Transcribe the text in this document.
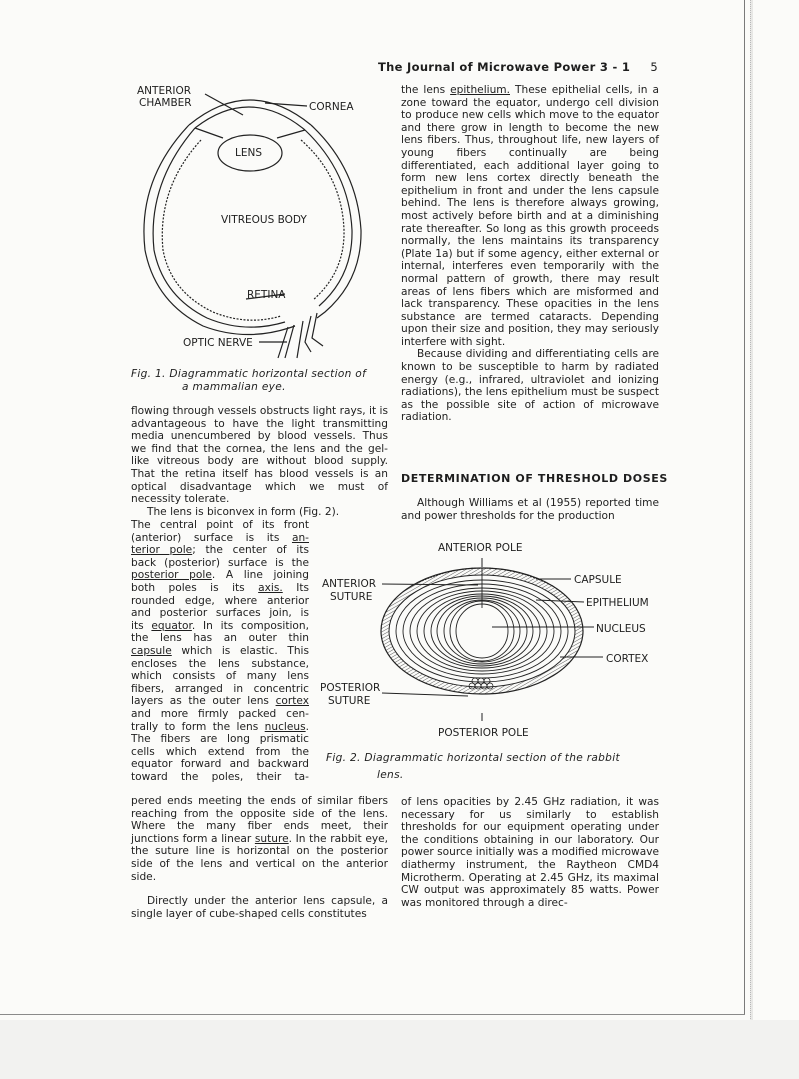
The Journal of Microwave Power 3 - 1 5
ANTERIOR
CHAMBER	CORNEA
LENS
VITREOUS BODY
RETINA
OPTIC NERVE
Fig. 1. Diagrammatic horizontal section of
a mammalian eye.

flowing through vessels obstructs light rays, it is advantageous to have the light transmitting media unencumbered by blood vessels. Thus we find that the cornea, the lens and the gel-like vitreous body are without blood supply. That the retina itself has blood vessels is an optical disadvantage which we must of necessity tolerate.

The lens is biconvex in form (Fig. 2).

The central point of its front
(anterior) surface is its an-
terior pole; the center of its
back (posterior) surface is the
posterior pole. A line joining
both poles is its axis. Its
rounded edge, where anterior
and posterior surfaces join, is
its equator. In its composition,
the lens has an outer thin
capsule which is elastic. This
encloses the lens substance,
which consists of many lens
fibers, arranged in concentric
layers as the outer lens cortex
and more firmly packed cen-
trally to form the lens nucleus.
The fibers are long prismatic
cells which extend from the
equator forward and backward
toward the poles, their ta-

pered ends meeting the ends of similar fibers reaching from the opposite side of the lens. Where the many fiber ends meet, their junctions form a linear suture. In the rabbit eye, the suture line is horizontal on the posterior side of the lens and vertical on the anterior side.

Directly under the anterior lens capsule, a single layer of cube-shaped cells constitutes

the lens epithelium. These epithelial cells, in a zone toward the equator, undergo cell division to produce new cells which move to the equator and there grow in length to become the new lens fibers. Thus, throughout life, new layers of young fibers continually are being differentiated, each additional layer going to form new lens cortex directly beneath the epithelium in front and under the lens capsule behind. The lens is therefore always growing, most actively before birth and at a diminishing rate thereafter. So long as this growth proceeds normally, the lens maintains its transparency (Plate 1a) but if some agency, either external or internal, interferes even temporarily with the normal pattern of growth, there may result areas of lens fibers which are misformed and lack transparency. These opacities in the lens substance are termed cataracts. Depending upon their size and position, they may seriously interfere with sight.

Because dividing and differentiating cells are known to be susceptible to harm by radiated energy (e.g., infrared, ultraviolet and ionizing radiations), the lens epithelium must be suspect as the possible site of action of microwave radiation.

DETERMINATION OF THRESHOLD DOSES

Although Williams et al (1955) reported time and power thresholds for the production

ANTERIOR POLE
ANTERIOR
SUTURE
CAPSULE
EPITHELIUM
NUCLEUS
CORTEX
POSTERIOR
SUTURE
POSTERIOR POLE
Fig. 2. Diagrammatic horizontal section of the rabbit
lens.

of lens opacities by 2.45 GHz radiation, it was necessary for us similarly to establish thresholds for our equipment operating under the conditions obtaining in our laboratory. Our power source initially was a modified microwave diathermy instrument, the Raytheon CMD4 Microtherm. Operating at 2.45 GHz, its maximal CW output was approximately 85 watts. Power was monitored through a direc-
